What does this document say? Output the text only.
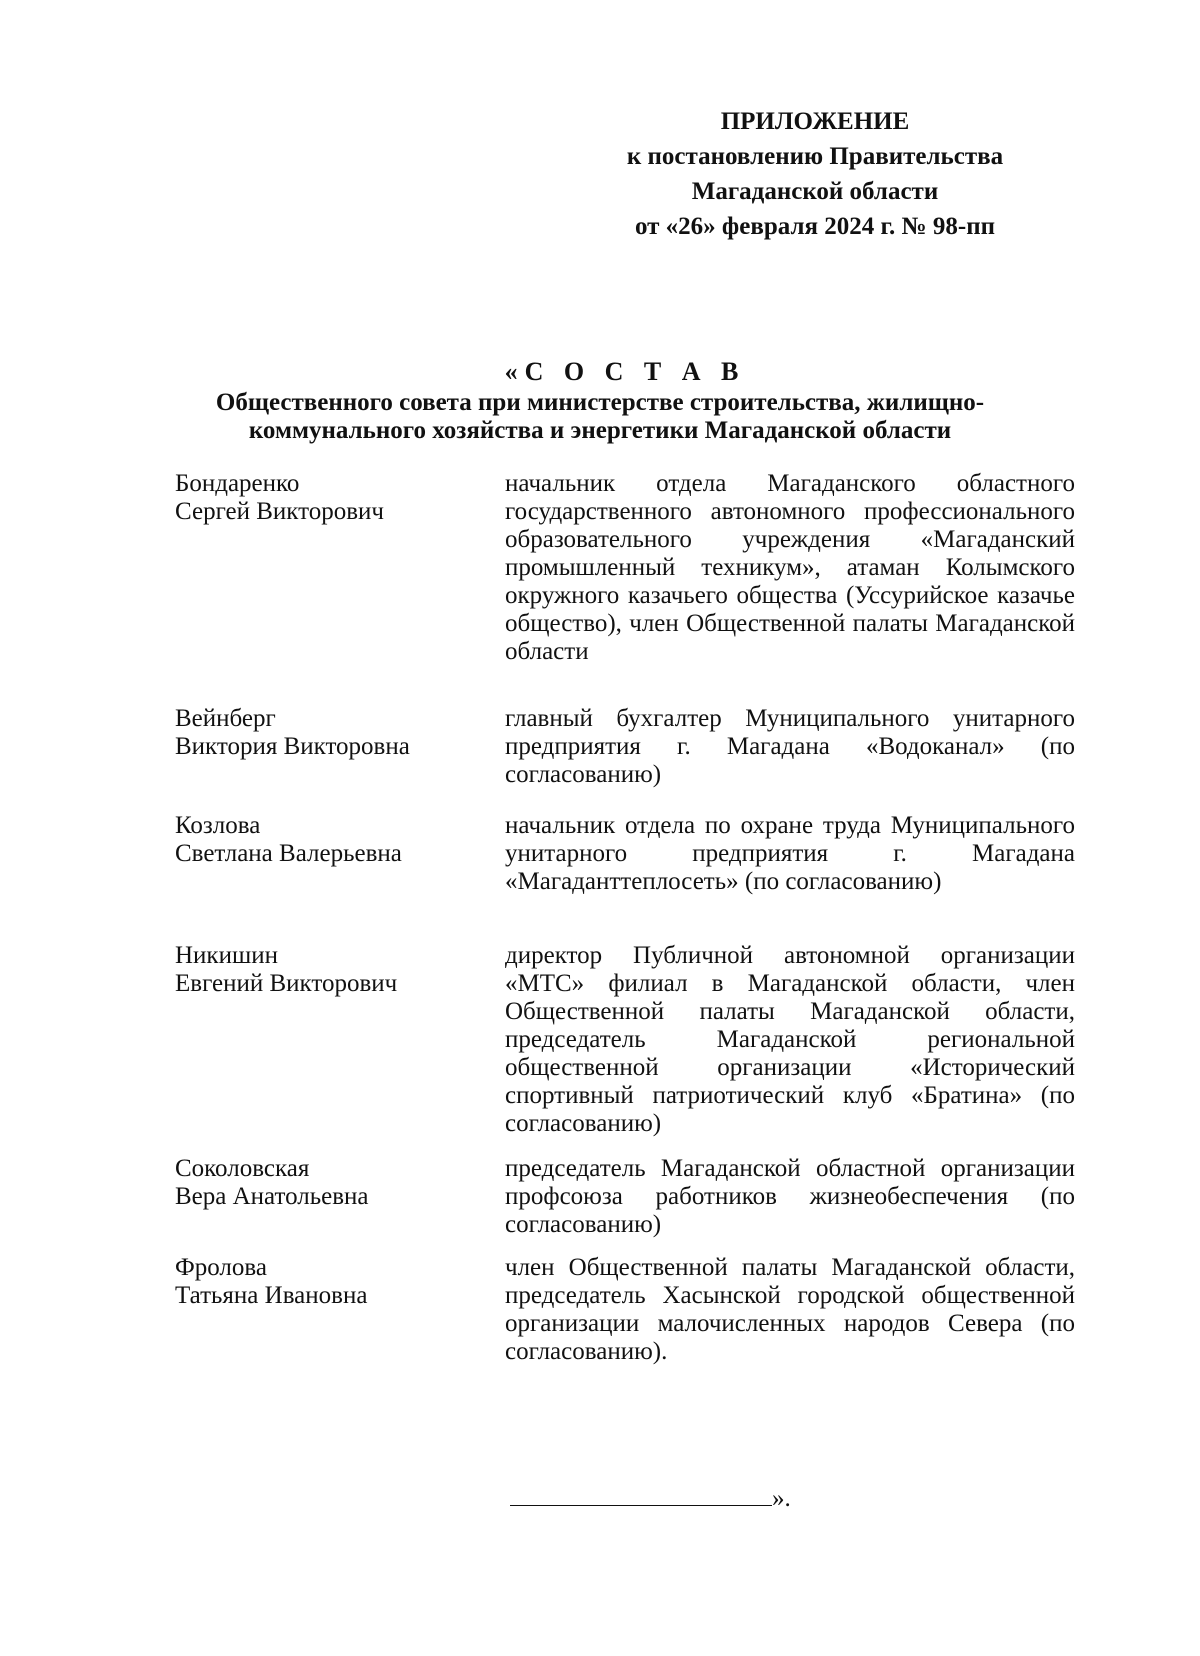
ПРИЛОЖЕНИЕ
к постановлению Правительства
Магаданской области
от «26» февраля 2024 г. № 98-пп
«С О С Т А В
Общественного совета при министерстве строительства, жилищно-
коммунального хозяйства и энергетики Магаданской области
Бондаренко
Сергей Викторович
начальник отдела Магаданского областного государственного автономного профессионального образовательного учреждения «Магаданский промышленный техникум», атаман Колымского окружного казачьего общества (Уссурийское казачье общество), член Общественной палаты Магаданской области
Вейнберг
Виктория Викторовна
главный бухгалтер Муниципального унитарного предприятия г. Магадана «Водоканал» (по согласованию)
Козлова
Светлана Валерьевна
начальник отдела по охране труда Муниципального унитарного предприятия г. Магадана «Магаданттеплосеть» (по согласованию)
Никишин
Евгений Викторович
директор Публичной автономной организации «МТС» филиал в Магаданской области, член Общественной палаты Магаданской области, председатель Магаданской региональной общественной организации «Исторический спортивный патриотический клуб «Братина» (по согласованию)
Соколовская
Вера Анатольевна
председатель Магаданской областной организации профсоюза работников жизнеобеспечения (по согласованию)
Фролова
Татьяна Ивановна
член Общественной палаты Магаданской области, председатель Хасынской городской общественной организации малочисленных народов Севера (по согласованию).
».
